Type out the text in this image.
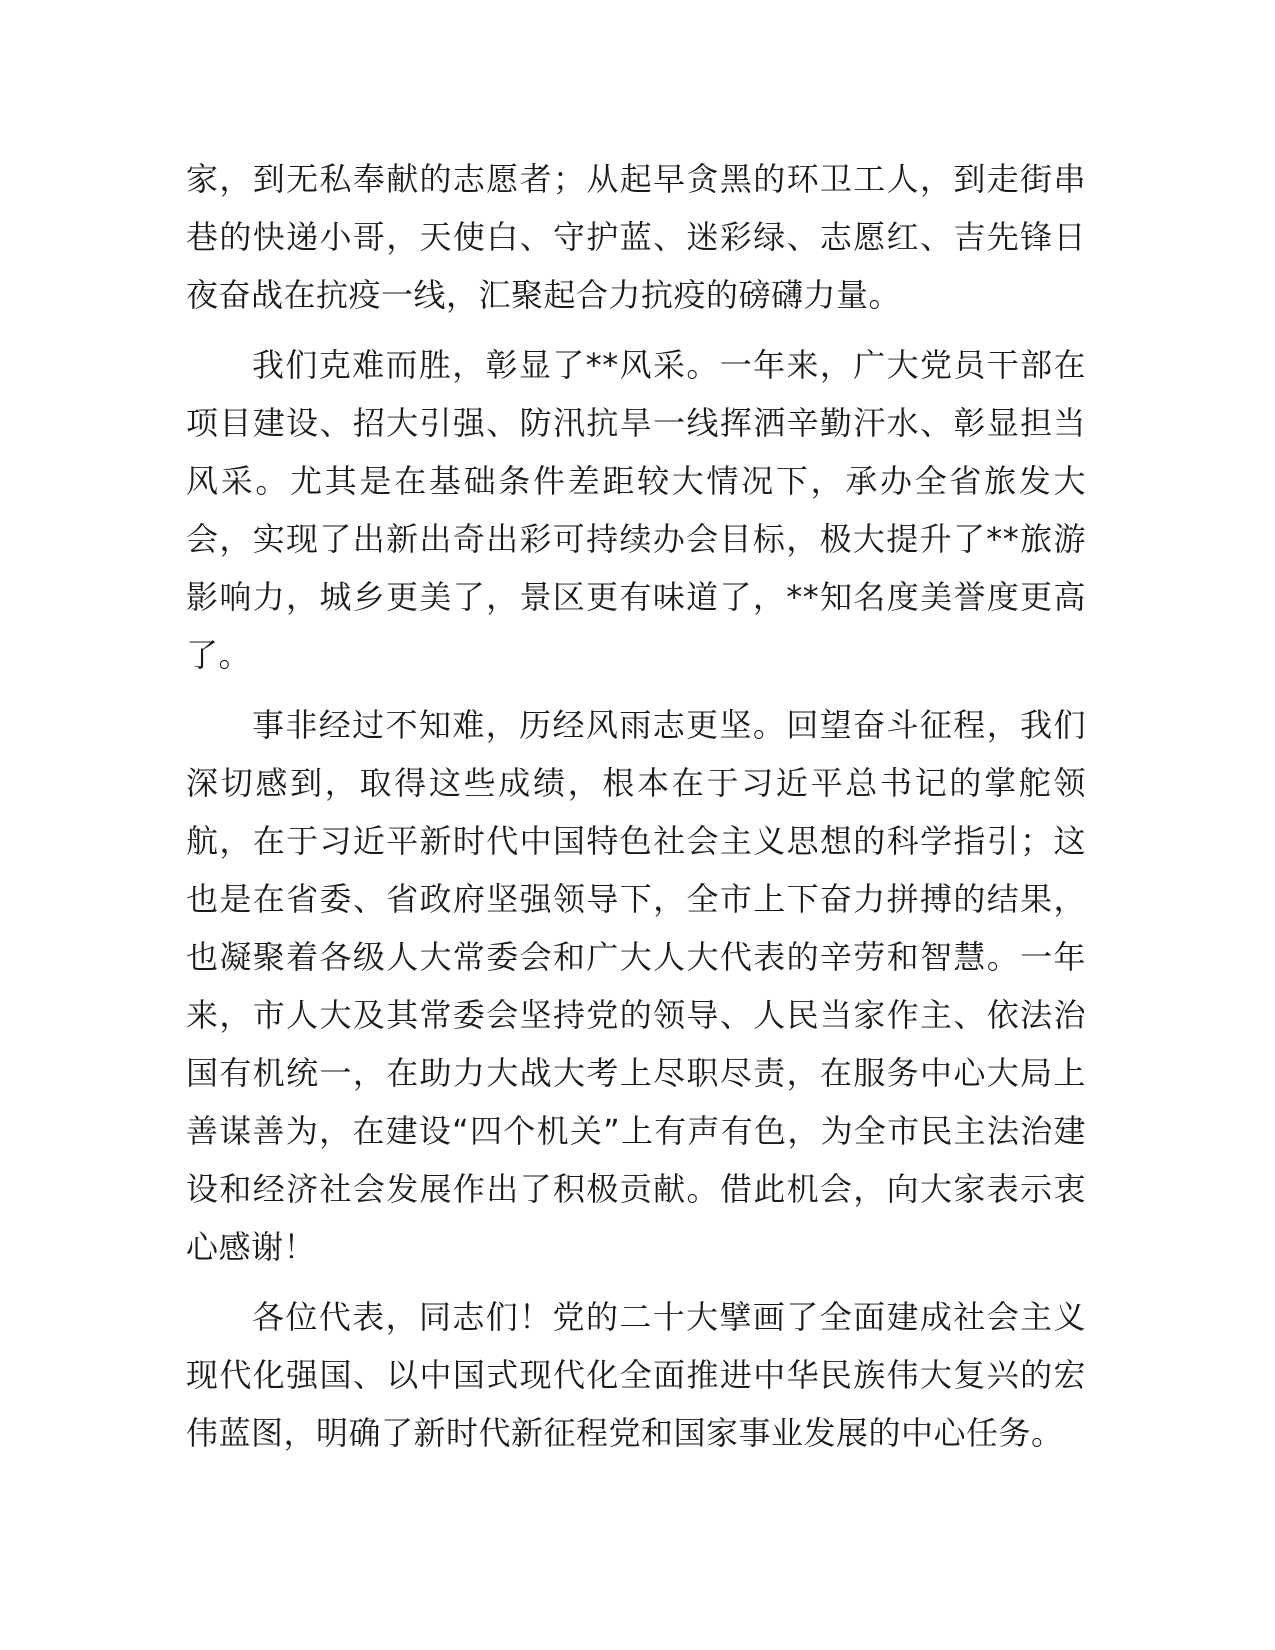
家，到无私奉献的志愿者；从起早贪黑的环卫工人，到走街串巷的快递小哥，天使白、守护蓝、迷彩绿、志愿红、吉先锋日夜奋战在抗疫一线，汇聚起合力抗疫的磅礴力量。

我们克难而胜，彰显了**风采。一年来，广大党员干部在项目建设、招大引强、防汛抗旱一线挥洒辛勤汗水、彰显担当风采。尤其是在基础条件差距较大情况下，承办全省旅发大会，实现了出新出奇出彩可持续办会目标，极大提升了**旅游影响力，城乡更美了，景区更有味道了，**知名度美誉度更高了。

事非经过不知难，历经风雨志更坚。回望奋斗征程，我们深切感到，取得这些成绩，根本在于习近平总书记的掌舵领航，在于习近平新时代中国特色社会主义思想的科学指引；这也是在省委、省政府坚强领导下，全市上下奋力拼搏的结果，也凝聚着各级人大常委会和广大人大代表的辛劳和智慧。一年来，市人大及其常委会坚持党的领导、人民当家作主、依法治国有机统一，在助力大战大考上尽职尽责，在服务中心大局上善谋善为，在建设“四个机关”上有声有色，为全市民主法治建设和经济社会发展作出了积极贡献。借此机会，向大家表示衷心感谢！

各位代表，同志们！党的二十大擘画了全面建成社会主义现代化强国、以中国式现代化全面推进中华民族伟大复兴的宏伟蓝图，明确了新时代新征程党和国家事业发展的中心任务。
